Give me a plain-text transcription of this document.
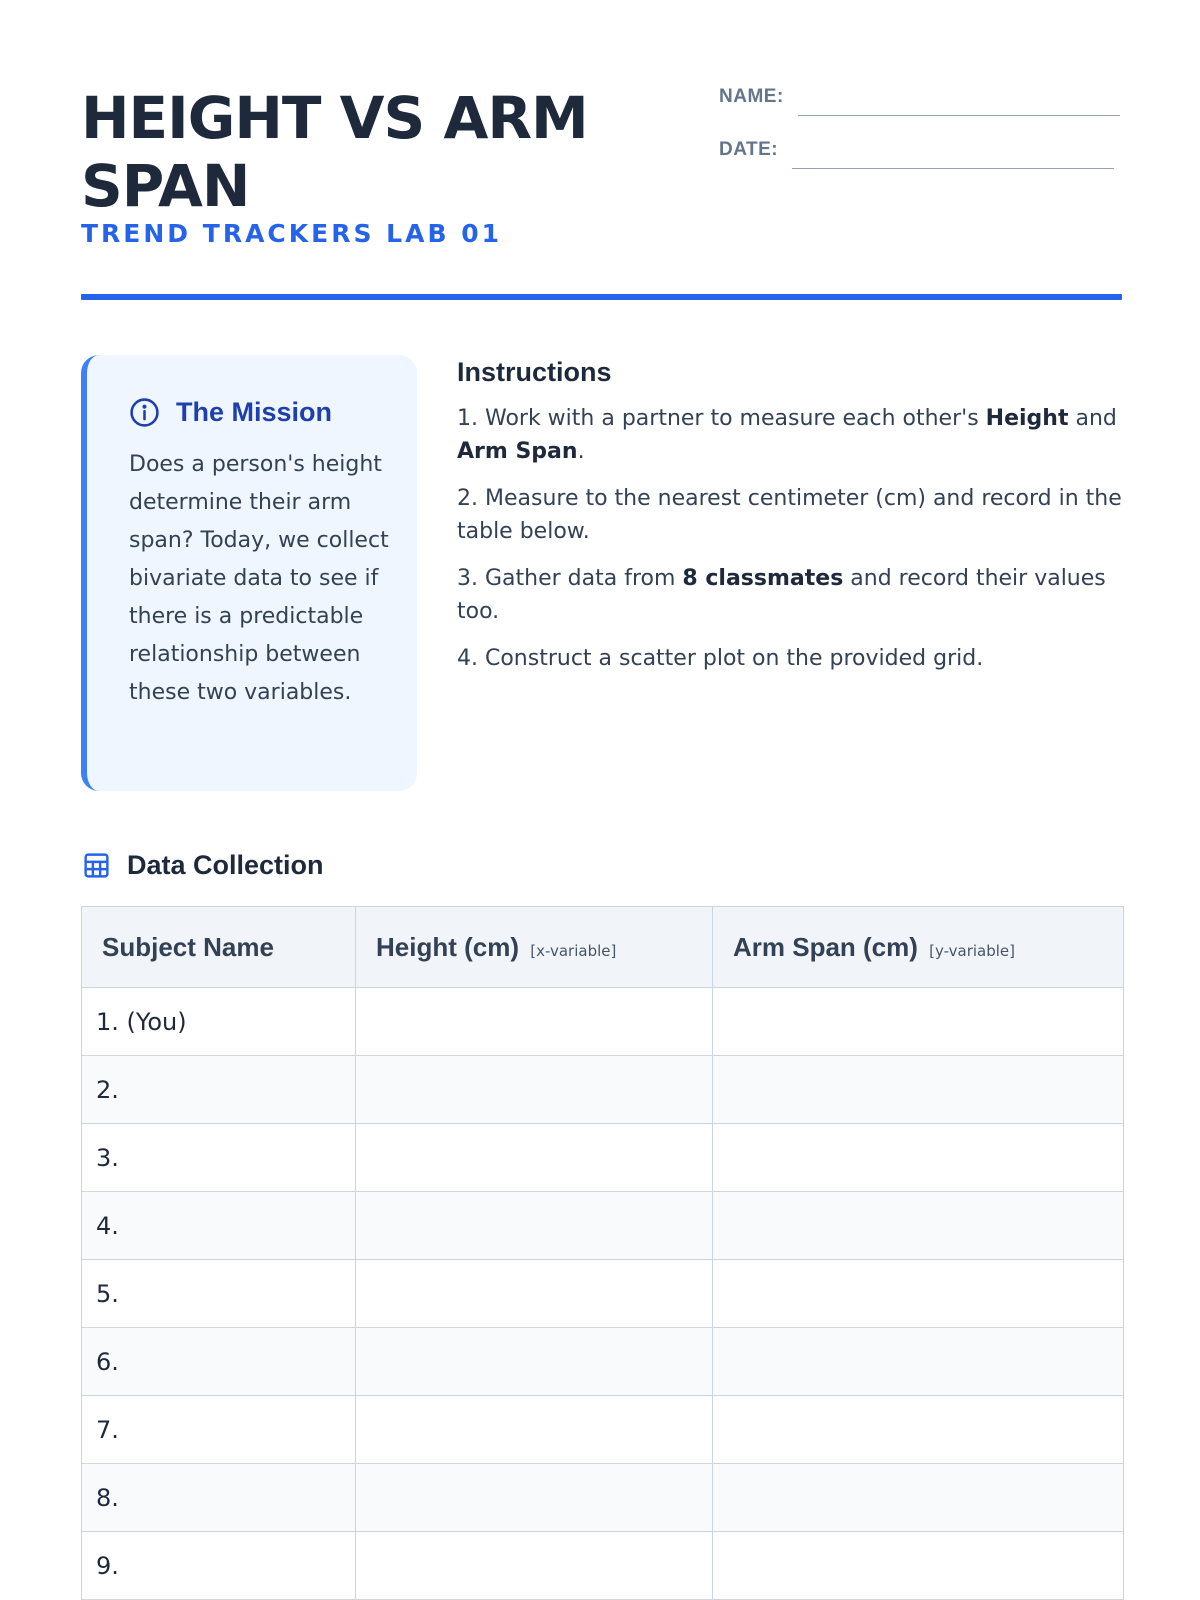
HEIGHT VS ARM SPAN
TREND TRACKERS LAB 01
NAME:
DATE:
The Mission

Does a person's height determine their arm span? Today, we collect bivariate data to see if there is a predictable relationship between these two variables.

Instructions

1. Work with a partner to measure each other's Height and Arm Span.

2. Measure to the nearest centimeter (cm) and record in the table below.

3. Gather data from 8 classmates and record their values too.

4. Construct a scatter plot on the provided grid.

Data Collection
Subject Name	Height (cm) [x-variable]	Arm Span (cm) [y-variable]
1. (You)		
2.		
3.		
4.		
5.		
6.		
7.		
8.		
9.		
